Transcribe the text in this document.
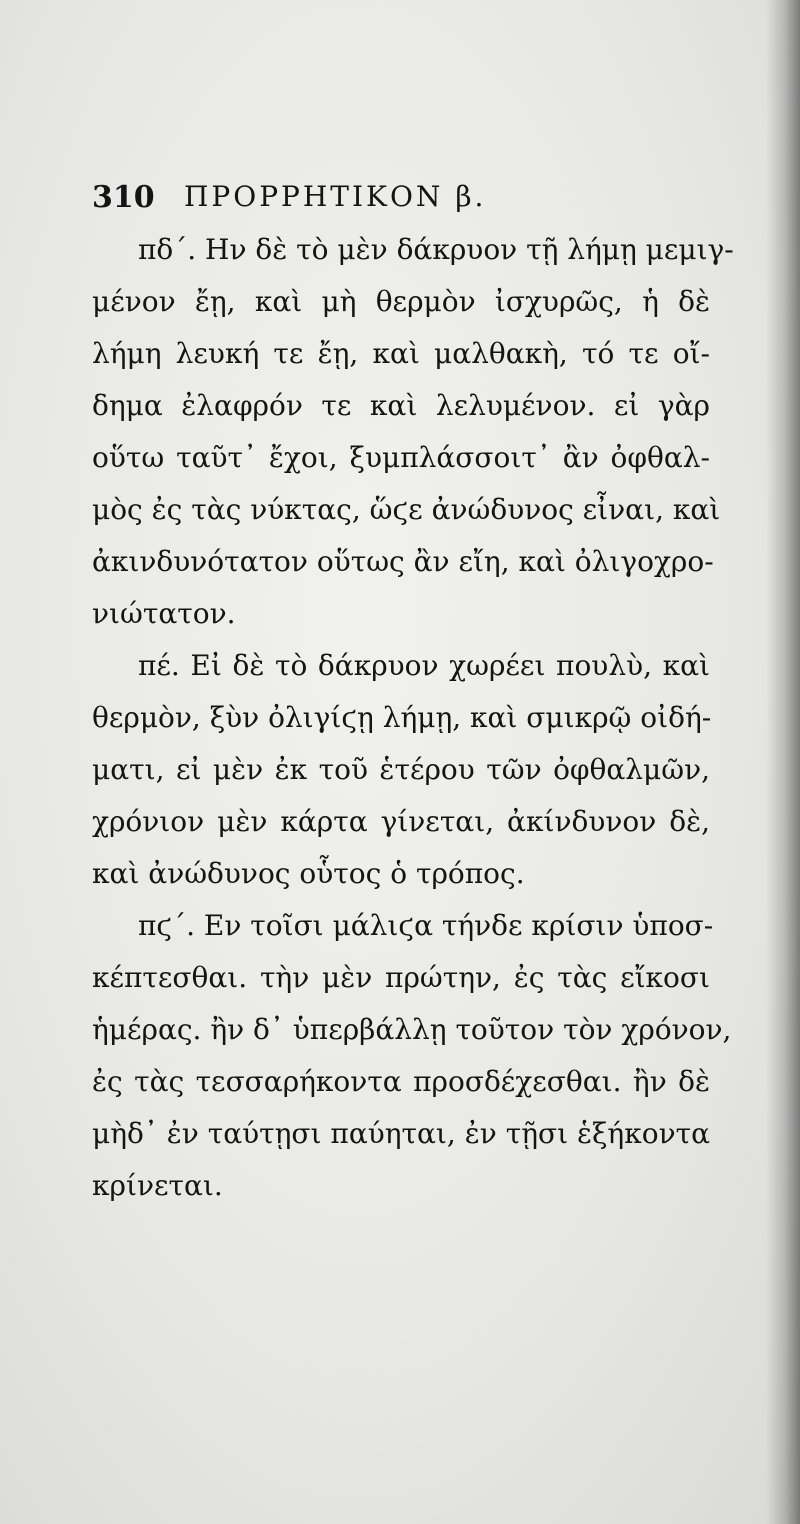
310 ΠΡΟΡΡΗΤΙΚΟΝ β.
πδ΄. Ην δὲ τὸ μὲν δάκρυον τῇ λήμῃ μεμιγ-
μένον ἔῃ, καὶ μὴ θερμὸν ἰσχυρῶς, ἡ δὲ
λήμη λευκή τε ἔῃ, καὶ μαλθακὴ, τό τε οἴ-
δημα ἐλαφρόν τε καὶ λελυμένον. εἰ γὰρ
οὕτω ταῦτ᾽ ἔχοι, ξυμπλάσσοιτ᾽ ἂν ὀφθαλ-
μὸς ἐς τὰς νύκτας, ὥϛε ἀνώδυνος εἶναι, καὶ
ἀκινδυνότατον οὕτως ἂν εἴη, καὶ ὀλιγοχρο-
νιώτατον.
πέ. Εἰ δὲ τὸ δάκρυον χωρέει πουλὺ, καὶ
θερμὸν, ξὺν ὀλιγίϛῃ λήμῃ, καὶ σμικρῷ οἰδή-
ματι, εἰ μὲν ἐκ τοῦ ἑτέρου τῶν ὀφθαλμῶν,
χρόνιον μὲν κάρτα γίνεται, ἀκίνδυνον δὲ,
καὶ ἀνώδυνος οὗτος ὁ τρόπος.
πϛ΄. Εν τοῖσι μάλιϛα τήνδε κρίσιν ὑποσ-
κέπτεσθαι. τὴν μὲν πρώτην, ἐς τὰς εἴκοσι
ἡμέρας. ἢν δ᾽ ὑπερβάλλῃ τοῦτον τὸν χρόνον,
ἐς τὰς τεσσαρήκοντα προσδέχεσθαι. ἢν δὲ
μὴδ᾽ ἐν ταύτῃσι παύηται, ἐν τῇσι ἑξήκοντα
κρίνεται.
